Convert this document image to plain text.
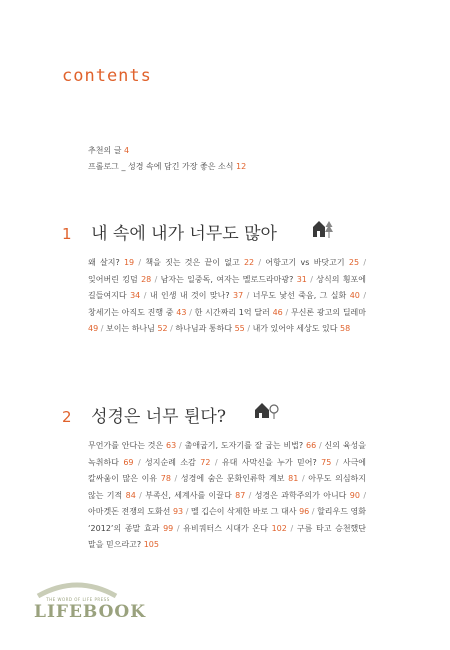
contents
추천의 글 4
프롤로그 _ 성경 속에 담긴 가장 좋은 소식 12
1 내 속에 내가 너무도 많아
왜 살지? 19 / 책을 짓는 것은 끝이 없고 22 / 어항고기 vs 바닷고기 25 / 잊어버린 킹덤 28 / 남자는 일중독, 여자는 멜로드라마광? 31 / 상식의 횡포에 길들여지다 34 / 내 인생 내 것이 맞나? 37 / 너무도 낯선 죽음, 그 실화 40 / 창세기는 아직도 진행 중 43 / 한 시간짜리 1억 달러 46 / 무신론 광고의 딜레마 49 / 보이는 하나님 52 / 하나님과 통하다 55 / 내가 있어야 세상도 있다 58
2 성경은 너무 튄다?
무언가를 안다는 것은 63 / 출애굽기, 도자기를 잘 굽는 비법? 66 / 신의 육성을 녹취하다 69 / 성지순례 소감 72 / 유대 사막신을 누가 믿어? 75 / 사극에 칼싸움이 많은 이유 78 / 성경에 숨은 문화인류학 계보 81 / 아무도 의심하지 않는 기적 84 / 부족신, 세계사를 이끌다 87 / 성경은 과학주의가 아니다 90 / 아마겟돈 전쟁의 도화선 93 / 멜 깁슨이 삭제한 바로 그 대사 96 / 할리우드 영화 ‘2012’의 종말 효과 99 / 유비쿼터스 시대가 온다 102 / 구름 타고 승천했단 말을 믿으라고? 105
THE WORD OF LIFE PRESS
LIFEBOOK
